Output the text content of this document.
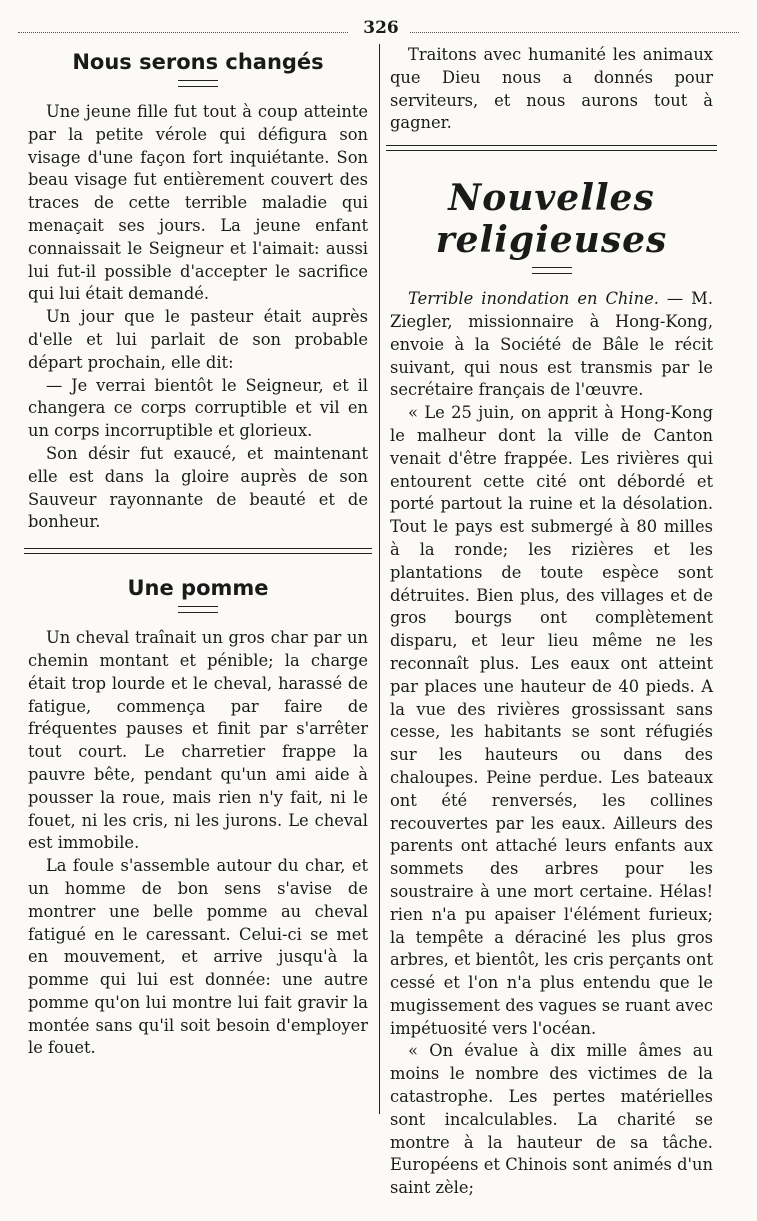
326
Nous serons changés

Une jeune fille fut tout à coup atteinte par la petite vérole qui défigura son visage d'une façon fort inquiétante. Son beau visage fut entièrement couvert des traces de cette terrible maladie qui menaçait ses jours. La jeune enfant connaissait le Seigneur et l'aimait: aussi lui fut-il possible d'accepter le sacrifice qui lui était demandé.

Un jour que le pasteur était auprès d'elle et lui parlait de son probable départ prochain, elle dit:

— Je verrai bientôt le Seigneur, et il changera ce corps corruptible et vil en un corps incorruptible et glorieux.

Son désir fut exaucé, et maintenant elle est dans la gloire auprès de son Sauveur rayonnante de beauté et de bonheur.

Une pomme

Un cheval traînait un gros char par un chemin montant et pénible; la charge était trop lourde et le cheval, harassé de fatigue, commença par faire de fréquentes pauses et finit par s'arrêter tout court. Le charretier frappe la pauvre bête, pendant qu'un ami aide à pousser la roue, mais rien n'y fait, ni le fouet, ni les cris, ni les jurons. Le cheval est immobile.

La foule s'assemble autour du char, et un homme de bon sens s'avise de montrer une belle pomme au cheval fatigué en le caressant. Celui-ci se met en mouvement, et arrive jusqu'à la pomme qui lui est donnée: une autre pomme qu'on lui montre lui fait gravir la montée sans qu'il soit besoin d'employer le fouet.

Traitons avec humanité les animaux que Dieu nous a donnés pour serviteurs, et nous aurons tout à gagner.

Nouvelles religieuses

Terrible inondation en Chine. — M. Ziegler, missionnaire à Hong-Kong, envoie à la Société de Bâle le récit suivant, qui nous est transmis par le secrétaire français de l'œuvre.

« Le 25 juin, on apprit à Hong-Kong le malheur dont la ville de Canton venait d'être frappée. Les rivières qui entourent cette cité ont débordé et porté partout la ruine et la désolation. Tout le pays est submergé à 80 milles à la ronde; les rizières et les plantations de toute espèce sont détruites. Bien plus, des villages et de gros bourgs ont complètement disparu, et leur lieu même ne les reconnaît plus. Les eaux ont atteint par places une hauteur de 40 pieds. A la vue des rivières grossissant sans cesse, les habitants se sont réfugiés sur les hauteurs ou dans des chaloupes. Peine perdue. Les bateaux ont été renversés, les collines recouvertes par les eaux. Ailleurs des parents ont attaché leurs enfants aux sommets des arbres pour les soustraire à une mort certaine. Hélas! rien n'a pu apaiser l'élément furieux; la tempête a déraciné les plus gros arbres, et bientôt, les cris perçants ont cessé et l'on n'a plus entendu que le mugissement des vagues se ruant avec impétuosité vers l'océan.

« On évalue à dix mille âmes au moins le nombre des victimes de la catastrophe. Les pertes matérielles sont incalculables. La charité se montre à la hauteur de sa tâche. Européens et Chinois sont animés d'un saint zèle;
